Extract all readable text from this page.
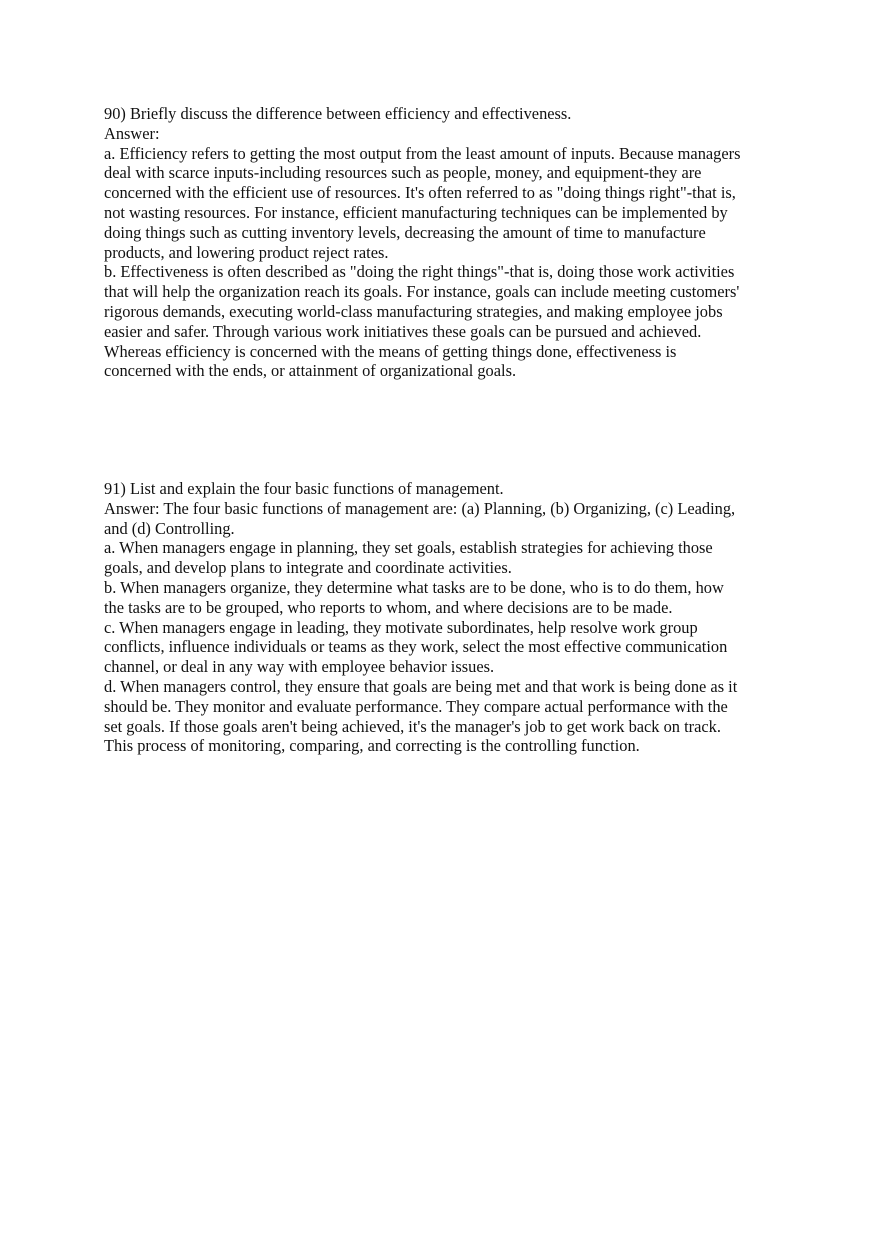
90) Briefly discuss the difference between efficiency and effectiveness.

Answer:

a. Efficiency refers to getting the most output from the least amount of inputs. Because managers

deal with scarce inputs-including resources such as people, money, and equipment-they are

concerned with the efficient use of resources. It's often referred to as "doing things right"-that is,

not wasting resources. For instance, efficient manufacturing techniques can be implemented by

doing things such as cutting inventory levels, decreasing the amount of time to manufacture

products, and lowering product reject rates.

b. Effectiveness is often described as "doing the right things"-that is, doing those work activities

that will help the organization reach its goals. For instance, goals can include meeting customers'

rigorous demands, executing world-class manufacturing strategies, and making employee jobs

easier and safer. Through various work initiatives these goals can be pursued and achieved.

Whereas efficiency is concerned with the means of getting things done, effectiveness is

concerned with the ends, or attainment of organizational goals.

91) List and explain the four basic functions of management.

Answer: The four basic functions of management are: (a) Planning, (b) Organizing, (c) Leading,

and (d) Controlling.

a. When managers engage in planning, they set goals, establish strategies for achieving those

goals, and develop plans to integrate and coordinate activities.

b. When managers organize, they determine what tasks are to be done, who is to do them, how

the tasks are to be grouped, who reports to whom, and where decisions are to be made.

c. When managers engage in leading, they motivate subordinates, help resolve work group

conflicts, influence individuals or teams as they work, select the most effective communication

channel, or deal in any way with employee behavior issues.

d. When managers control, they ensure that goals are being met and that work is being done as it

should be. They monitor and evaluate performance. They compare actual performance with the

set goals. If those goals aren't being achieved, it's the manager's job to get work back on track.

This process of monitoring, comparing, and correcting is the controlling function.
